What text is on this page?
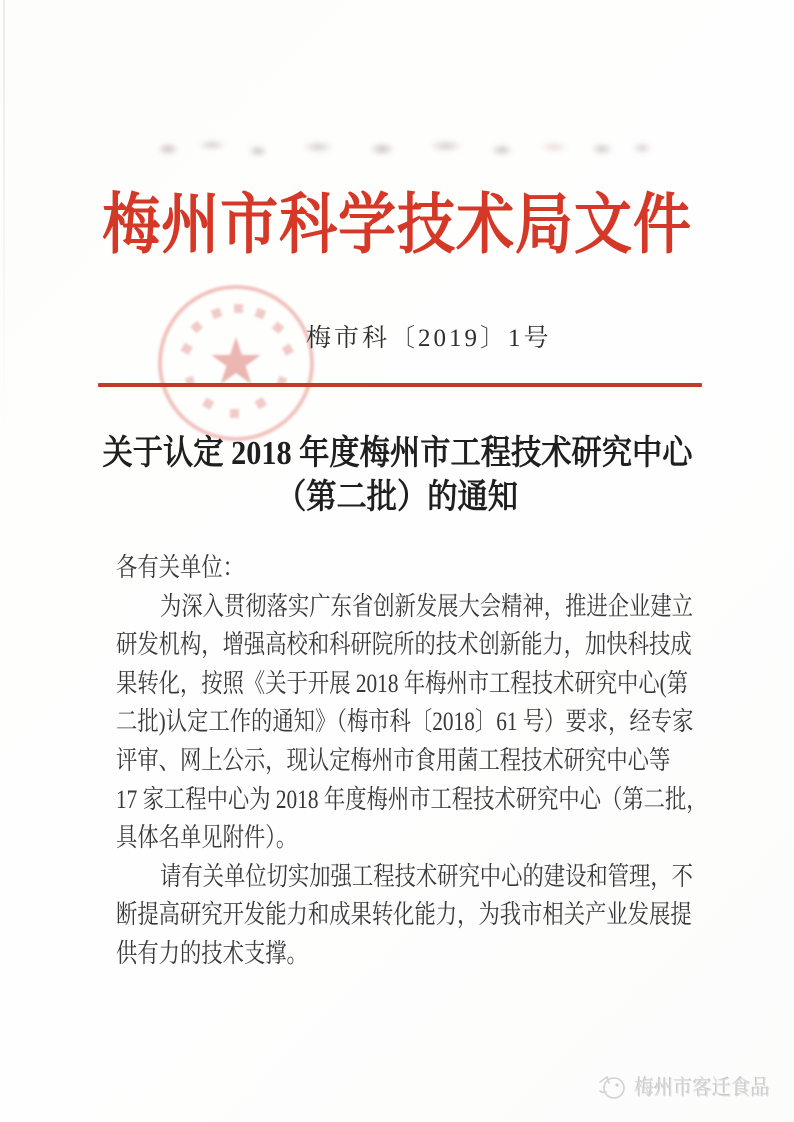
梅州市科学技术局文件
梅市科〔2019〕1号
关于认定 2018 年度梅州市工程技术研究中心
（第二批）的通知
各有关单位：
为深入贯彻落实广东省创新发展大会精神，推进企业建立
研发机构，增强高校和科研院所的技术创新能力，加快科技成
果转化，按照《关于开展 2018 年梅州市工程技术研究中心(第
二批)认定工作的通知》（梅市科〔2018〕61 号）要求，经专家
评审、网上公示，现认定梅州市食用菌工程技术研究中心等
17 家工程中心为 2018 年度梅州市工程技术研究中心（第二批，
具体名单见附件）。
请有关单位切实加强工程技术研究中心的建设和管理，不
断提高研究开发能力和成果转化能力，为我市相关产业发展提
供有力的技术支撑。
梅州市客迁食品
